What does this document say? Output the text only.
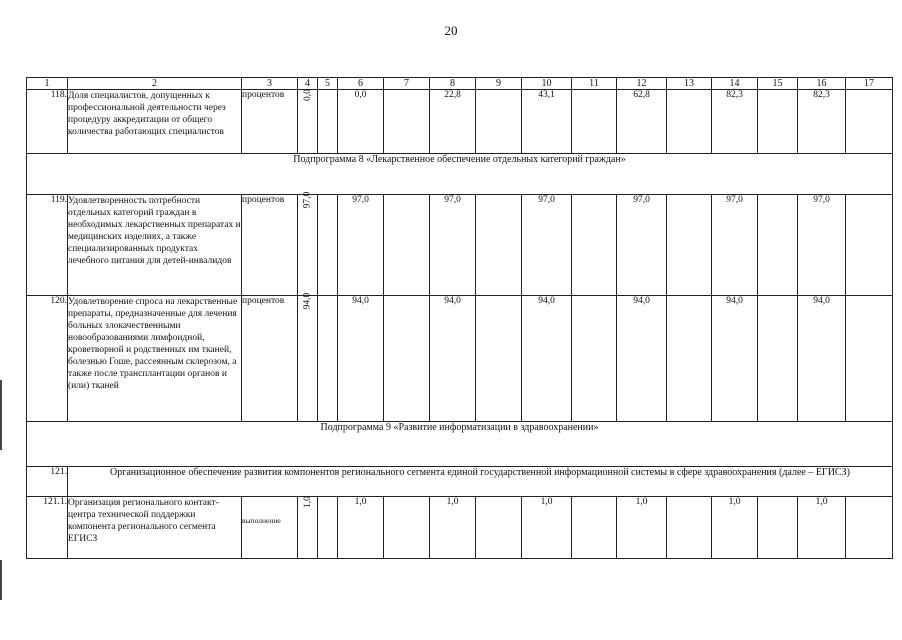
20
1	2	3	4	5	6	7	8	9	10	11	12	13	14	15	16	17
118.	Доля специалистов, допущенных к профессиональной деятельности через процедуру аккредитации от общего количества работающих специалистов	процентов	0,0		0,0		22,8		43,1		62,8		82,3		82,3	
Подпрограмма 8 «Лекарственное обеспечение отдельных категорий граждан»																
119.	Удовлетворенность потребности отдельных категорий граждан в необходимых лекарственных препаратах и медицинских изделиях, а также специализированных продуктах лечебного питания для детей-инвалидов	процентов	97,0		97,0		97,0		97,0		97,0		97,0		97,0	
120.	Удовлетворение спроса на лекарственные препараты, предназначенные для лечения больных злокачественными новообразованиями лимфоидной, кроветворной и родственных им тканей, болезнью Гоше, рассеянным склерозом, а также после трансплантации органов и (или) тканей	процентов	94,0		94,0		94,0		94,0		94,0		94,0		94,0	
Подпрограмма 9 «Развитие информатизации в здравоохранении»																
121.	Организационное обеспечение развития компонентов регионального сегмента единой государственной информационной системы в сфере здравоохранения (далее – ЕГИСЗ)															
121.1.	Организация регионального контакт-центра технической поддержки компонента регионального сегмента ЕГИСЗ	выполнение	1,0		1,0		1,0		1,0		1,0		1,0		1,0	
